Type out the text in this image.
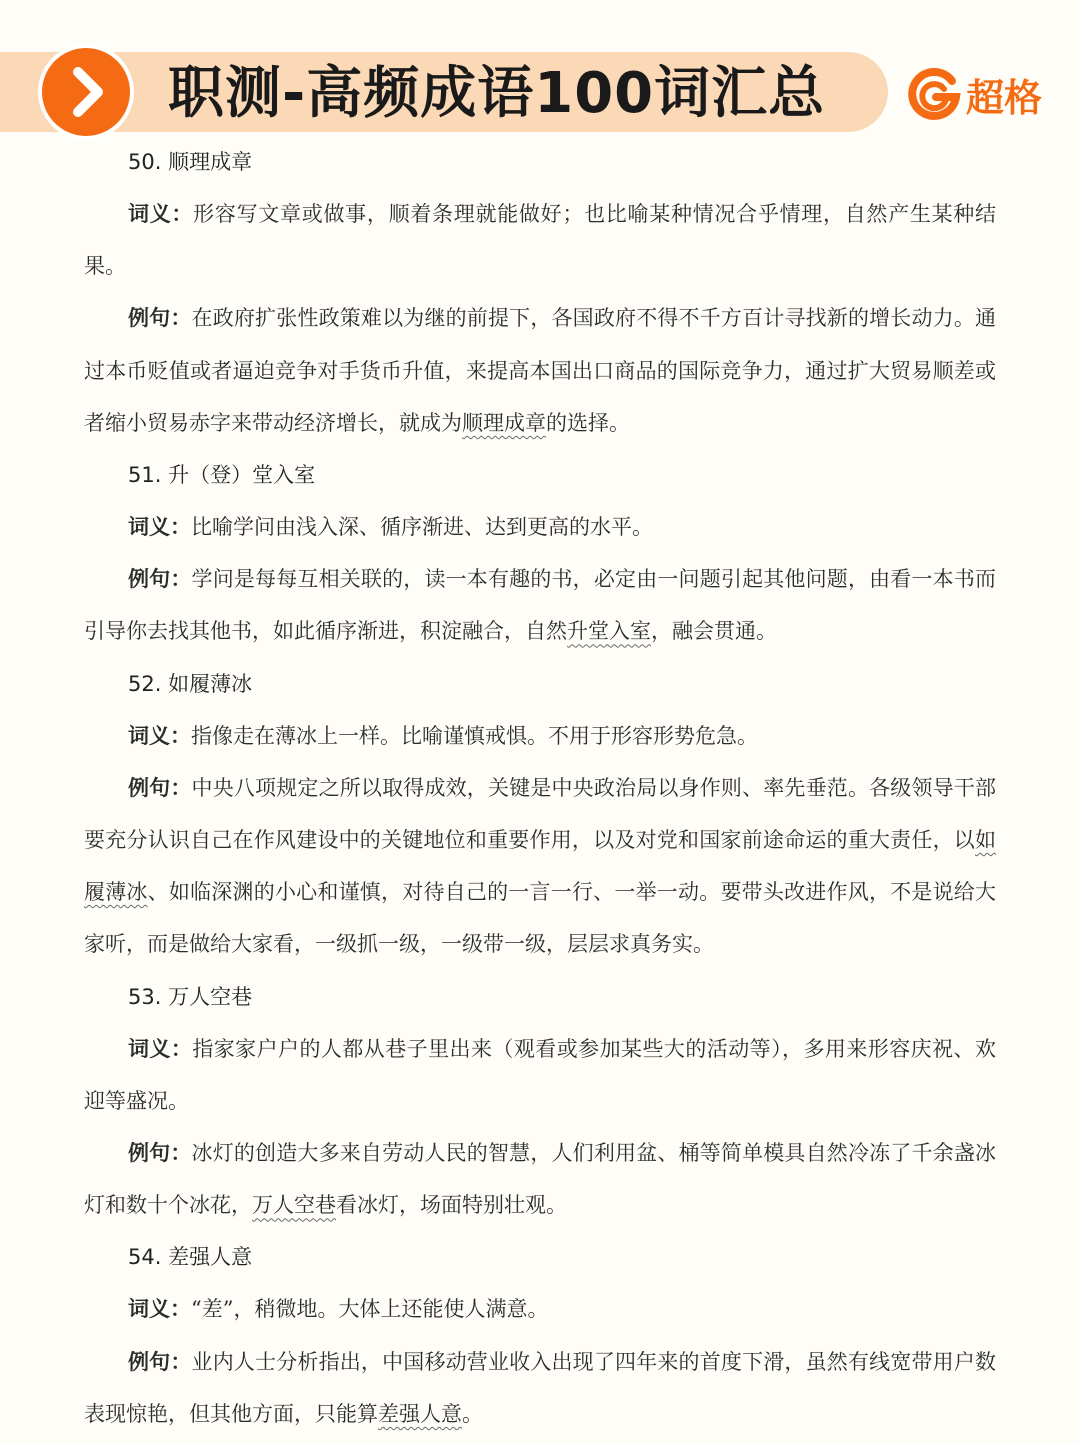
职测-高频成语100词汇总	超格
50. 顺理成章

词义：形容写文章或做事，顺着条理就能做好；也比喻某种情况合乎情理，自然产生某种结果。

例句：在政府扩张性政策难以为继的前提下，各国政府不得不千方百计寻找新的增长动力。通过本币贬值或者逼迫竞争对手货币升值，来提高本国出口商品的国际竞争力，通过扩大贸易顺差或者缩小贸易赤字来带动经济增长，就成为顺理成章的选择。

51. 升（登）堂入室

词义：比喻学问由浅入深、循序渐进、达到更高的水平。

例句：学问是每每互相关联的，读一本有趣的书，必定由一问题引起其他问题，由看一本书而引导你去找其他书，如此循序渐进，积淀融合，自然升堂入室，融会贯通。

52. 如履薄冰

词义：指像走在薄冰上一样。比喻谨慎戒惧。不用于形容形势危急。

例句：中央八项规定之所以取得成效，关键是中央政治局以身作则、率先垂范。各级领导干部要充分认识自己在作风建设中的关键地位和重要作用，以及对党和国家前途命运的重大责任，以如履薄冰、如临深渊的小心和谨慎，对待自己的一言一行、一举一动。要带头改进作风，不是说给大家听，而是做给大家看，一级抓一级，一级带一级，层层求真务实。

53. 万人空巷

词义：指家家户户的人都从巷子里出来（观看或参加某些大的活动等），多用来形容庆祝、欢迎等盛况。

例句：冰灯的创造大多来自劳动人民的智慧，人们利用盆、桶等简单模具自然冷冻了千余盏冰灯和数十个冰花，万人空巷看冰灯，场面特别壮观。

54. 差强人意

词义：“差”，稍微地。大体上还能使人满意。

例句：业内人士分析指出，中国移动营业收入出现了四年来的首度下滑，虽然有线宽带用户数表现惊艳，但其他方面，只能算差强人意。
